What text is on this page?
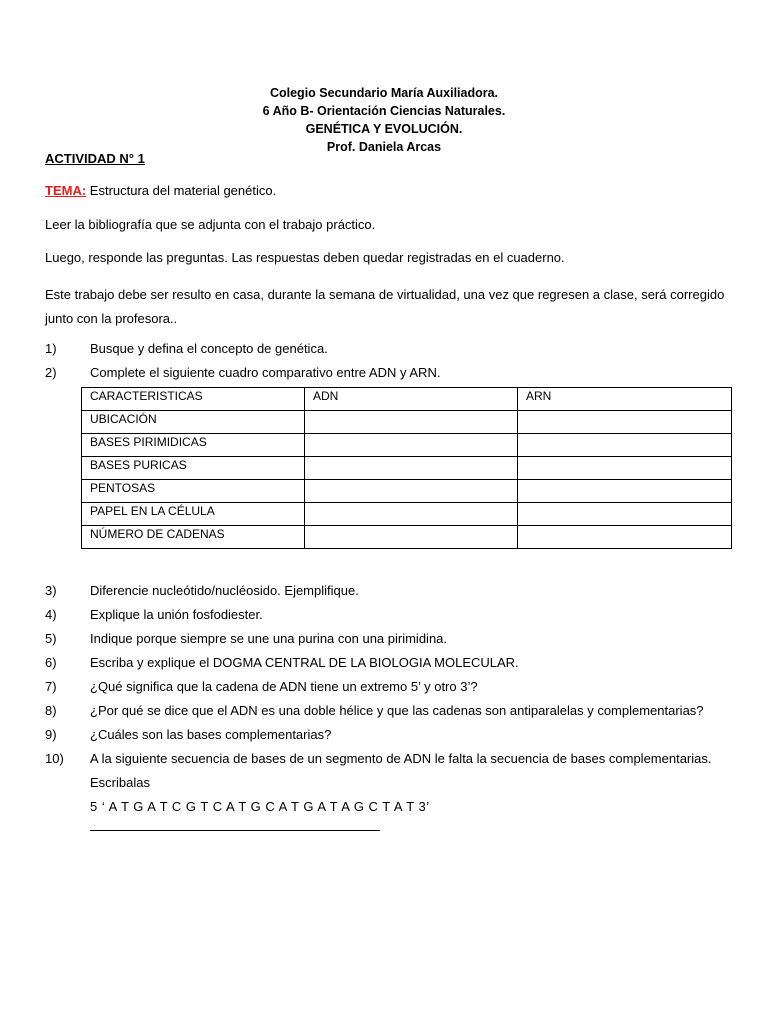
Colegio Secundario María Auxiliadora.
6 Año B- Orientación Ciencias Naturales.
GENÉTICA Y EVOLUCIÓN.
Prof. Daniela Arcas
ACTIVIDAD N° 1
TEMA: Estructura del material genético.
Leer la bibliografía que se adjunta con el trabajo práctico.
Luego, responde las preguntas. Las respuestas deben quedar registradas en el cuaderno.
Este trabajo debe ser resulto en casa, durante la semana de virtualidad, una vez que regresen a clase, será corregido junto con la profesora..
1)	Busque y defina el concepto de genética.
2)	Complete el siguiente cuadro comparativo entre ADN y ARN.
CARACTERISTICAS	ADN	ARN
UBICACIÓN		
BASES PIRIMIDICAS		
BASES PURICAS		
PENTOSAS		
PAPEL EN LA CÉLULA		
NÚMERO DE CADENAS		
3)	Diferencie nucleótido/nucléosido. Ejemplifique.
4)	Explique la unión fosfodiester.
5)	Indique porque siempre se une una purina con una pirimidina.
6)	Escriba y explique el DOGMA CENTRAL DE LA BIOLOGIA MOLECULAR.
7)	¿Qué significa que la cadena de ADN tiene un extremo 5’ y otro 3’?
8)	¿Por qué se dice que el ADN es una doble hélice y que las cadenas son antiparalelas y complementarias?
9)	¿Cuáles son las bases complementarias?
10) A la siguiente secuencia de bases de un segmento de ADN le falta la secuencia de bases complementarias.
Escribalas
5 ‘ A T G A T C G T C A T G C A T G A T A G C T A T 3’
